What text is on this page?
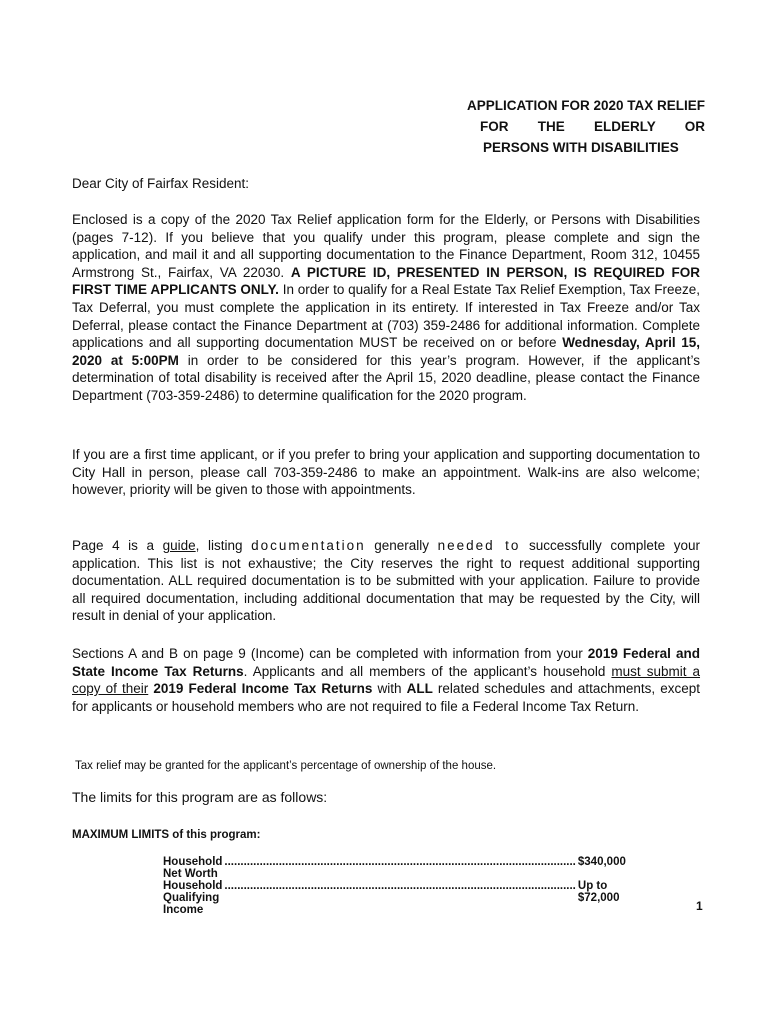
APPLICATION FOR 2020 TAX RELIEF
FOR THE ELDERLY OR
PERSONS WITH DISABILITIES
Dear City of Fairfax Resident:
Enclosed is a copy of the 2020 Tax Relief application form for the Elderly, or Persons with Disabilities (pages 7-12). If you believe that you qualify under this program, please complete and sign the application, and mail it and all supporting documentation to the Finance Department, Room 312, 10455 Armstrong St., Fairfax, VA 22030. A PICTURE ID, PRESENTED IN PERSON, IS REQUIRED FOR FIRST TIME APPLICANTS ONLY. In order to qualify for a Real Estate Tax Relief Exemption, Tax Freeze, Tax Deferral, you must complete the application in its entirety. If interested in Tax Freeze and/or Tax Deferral, please contact the Finance Department at (703) 359-2486 for additional information. Complete applications and all supporting documentation MUST be received on or before Wednesday, April 15, 2020 at 5:00PM in order to be considered for this year’s program. However, if the applicant’s determination of total disability is received after the April 15, 2020 deadline, please contact the Finance Department (703-359-2486) to determine qualification for the 2020 program.
If you are a first time applicant, or if you prefer to bring your application and supporting documentation to City Hall in person, please call 703-359-2486 to make an appointment. Walk-ins are also welcome; however, priority will be given to those with appointments.
Page 4 is a guide, listing documentation generally needed to successfully complete your application. This list is not exhaustive; the City reserves the right to request additional supporting documentation. ALL required documentation is to be submitted with your application. Failure to provide all required documentation, including additional documentation that may be requested by the City, will result in denial of your application.
Sections A and B on page 9 (Income) can be completed with information from your 2019 Federal and State Income Tax Returns. Applicants and all members of the applicant’s household must submit a copy of their 2019 Federal Income Tax Returns with ALL related schedules and attachments, except for applicants or household members who are not required to file a Federal Income Tax Return.
Tax relief may be granted for the applicant’s percentage of ownership of the house.
The limits for this program are as follows:
MAXIMUM LIMITS of this program:
Household Net Worth
.............................................................................................................. $340,000
Household Qualifying Income
.............................................................................................................. Up to $72,000
1
